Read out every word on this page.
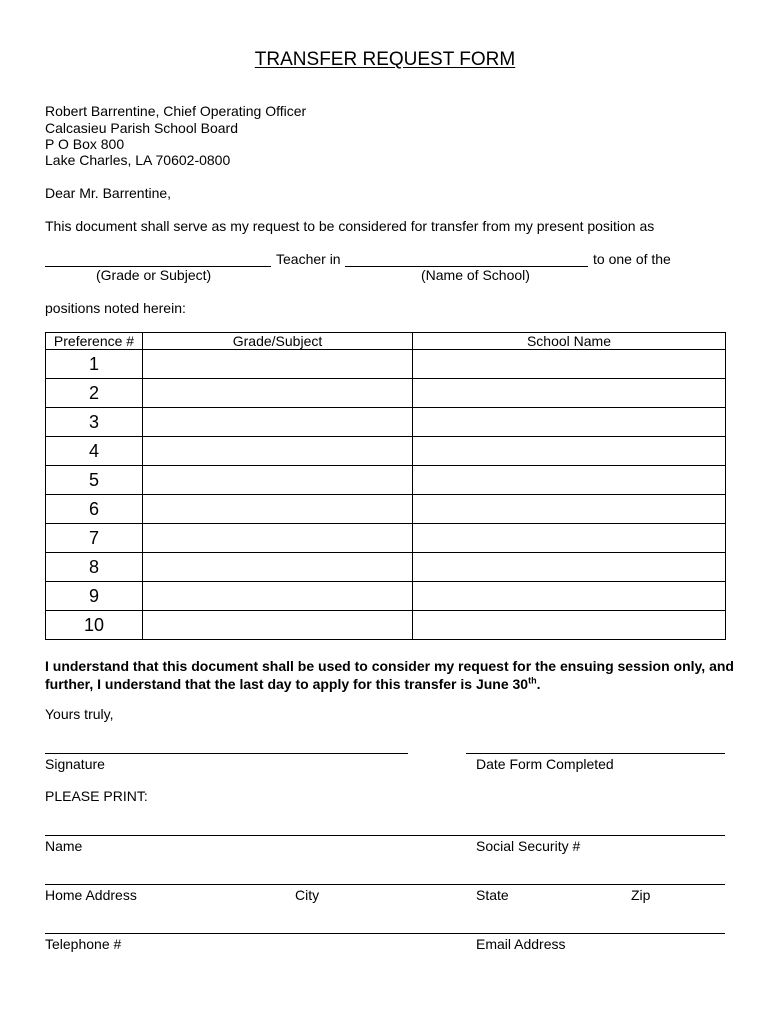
TRANSFER REQUEST FORM
Robert Barrentine, Chief Operating Officer
Calcasieu Parish School Board
P O Box 800
Lake Charles, LA 70602-0800
Dear Mr. Barrentine,
This document shall serve as my request to be considered for transfer from my present position as
Teacher in	to one of the
(Grade or Subject)	(Name of School)
positions noted herein:
Preference #	Grade/Subject	School Name
1		
2		
3		
4		
5		
6		
7		
8		
9		
10		
I understand that this document shall be used to consider my request for the ensuing session only, and further, I understand that the last day to apply for this transfer is June 30th.
Yours truly,
Signature	Date Form Completed
PLEASE PRINT:
Name	Social Security #
Home Address	City	State	Zip
Telephone #	Email Address
